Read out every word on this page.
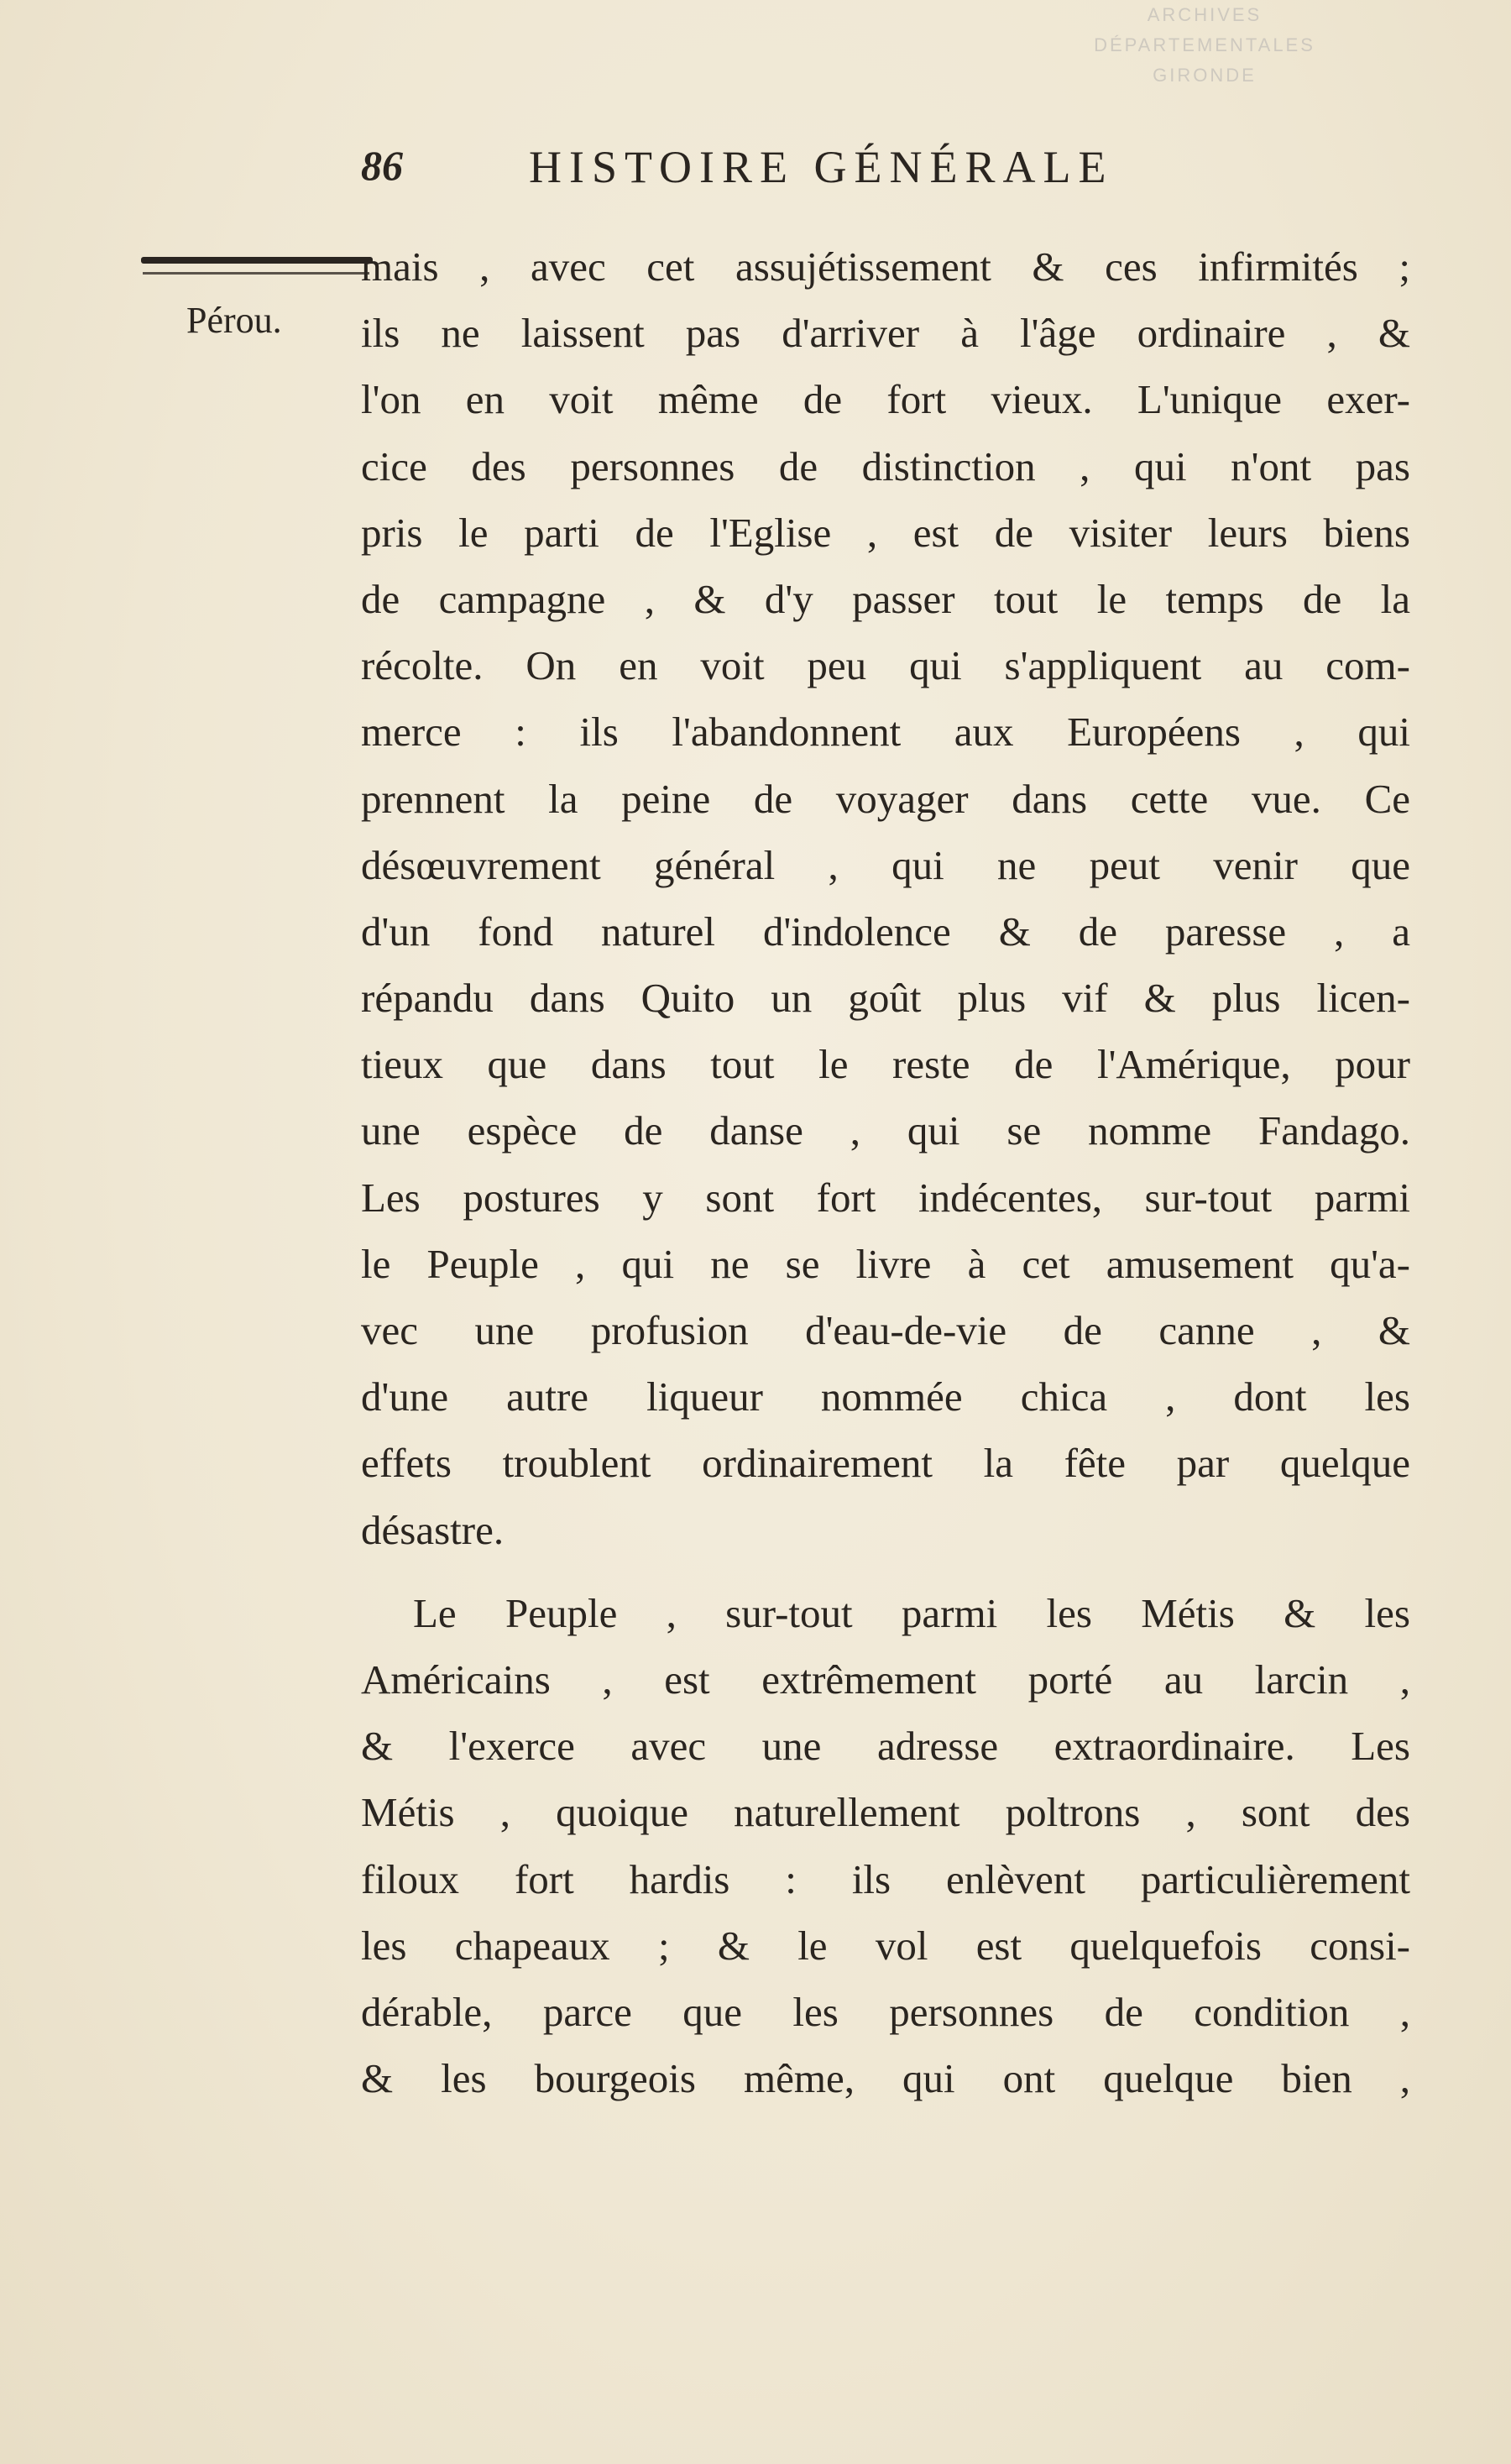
ARCHIVES
DÉPARTEMENTALES
GIRONDE
86	HISTOIRE GÉNÉRALE
Pérou.
mais , avec cet assujétissement & ces infirmités ;
ils ne laissent pas d'arriver à l'âge ordinaire , &
l'on en voit même de fort vieux. L'unique exer-
cice des personnes de distinction , qui n'ont pas
pris le parti de l'Eglise , est de visiter leurs biens
de campagne , & d'y passer tout le temps de la
récolte. On en voit peu qui s'appliquent au com-
merce : ils l'abandonnent aux Européens , qui
prennent la peine de voyager dans cette vue. Ce
désœuvrement général , qui ne peut venir que
d'un fond naturel d'indolence & de paresse , a
répandu dans Quito un goût plus vif & plus licen-
tieux que dans tout le reste de l'Amérique, pour
une espèce de danse , qui se nomme Fandago.
Les postures y sont fort indécentes, sur-tout parmi
le Peuple , qui ne se livre à cet amusement qu'a-
vec une profusion d'eau-de-vie de canne , &
d'une autre liqueur nommée chica , dont les
effets troublent ordinairement la fête par quelque
désastre.
Le Peuple , sur-tout parmi les Métis & les
Américains , est extrêmement porté au larcin ,
& l'exerce avec une adresse extraordinaire. Les
Métis , quoique naturellement poltrons , sont des
filoux fort hardis : ils enlèvent particulièrement
les chapeaux ; & le vol est quelquefois consi-
dérable, parce que les personnes de condition ,
& les bourgeois même, qui ont quelque bien ,
